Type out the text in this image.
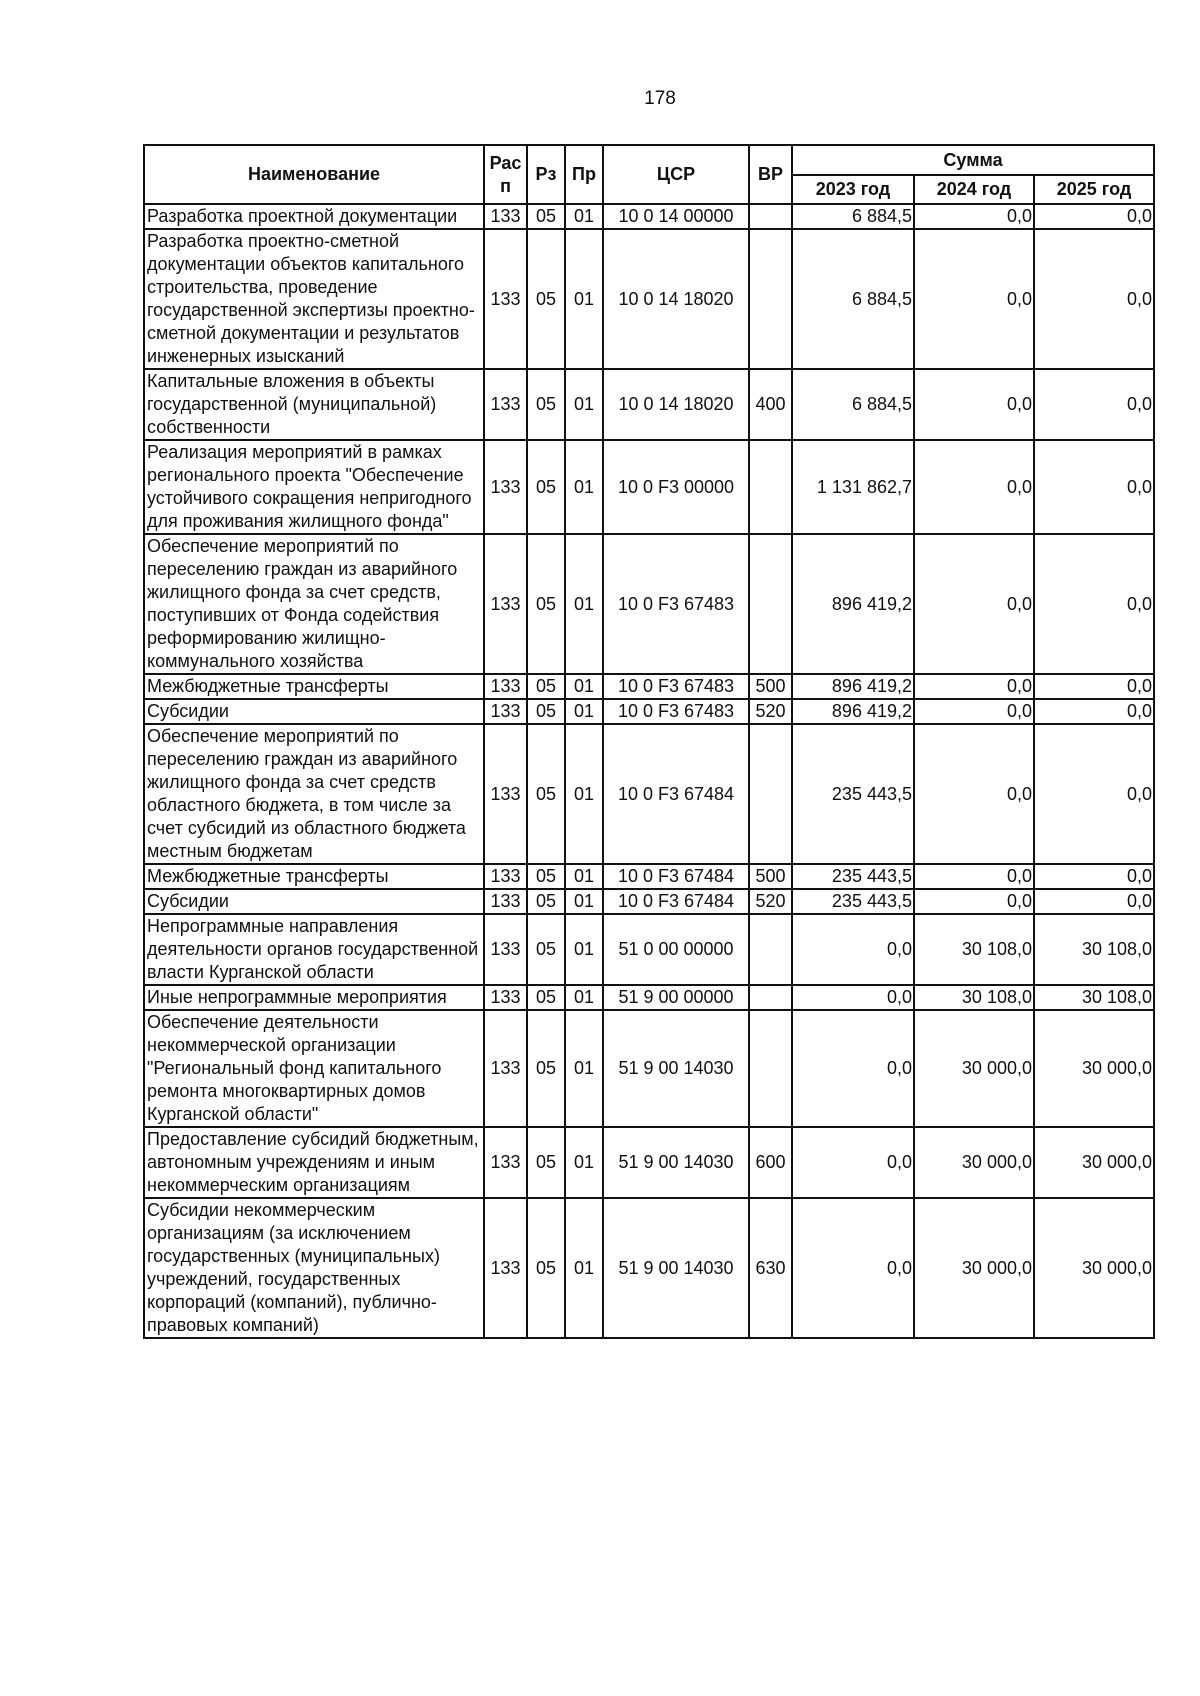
178
Наименование	Рас п	Рз	Пр	ЦСР	ВР	Сумма		
						2023 год	2024 год	2025 год
Разработка проектной документации	133	05	01	10 0 14 00000		6 884,5	0,0	0,0
Разработка проектно-сметной документации объектов капитального строительства, проведение государственной экспертизы проектно-сметной документации и результатов инженерных изысканий	133	05	01	10 0 14 18020		6 884,5	0,0	0,0
Капитальные вложения в объекты государственной (муниципальной) собственности	133	05	01	10 0 14 18020	400	6 884,5	0,0	0,0
Реализация мероприятий в рамках регионального проекта "Обеспечение устойчивого сокращения непригодного для проживания жилищного фонда"	133	05	01	10 0 F3 00000		1 131 862,7	0,0	0,0
Обеспечение мероприятий по переселению граждан из аварийного жилищного фонда за счет средств, поступивших от Фонда содействия реформированию жилищно-коммунального хозяйства	133	05	01	10 0 F3 67483		896 419,2	0,0	0,0
Межбюджетные трансферты	133	05	01	10 0 F3 67483	500	896 419,2	0,0	0,0
Субсидии	133	05	01	10 0 F3 67483	520	896 419,2	0,0	0,0
Обеспечение мероприятий по переселению граждан из аварийного жилищного фонда за счет средств областного бюджета, в том числе за счет субсидий из областного бюджета местным бюджетам	133	05	01	10 0 F3 67484		235 443,5	0,0	0,0
Межбюджетные трансферты	133	05	01	10 0 F3 67484	500	235 443,5	0,0	0,0
Субсидии	133	05	01	10 0 F3 67484	520	235 443,5	0,0	0,0
Непрограммные направления деятельности органов государственной власти Курганской области	133	05	01	51 0 00 00000		0,0	30 108,0	30 108,0
Иные непрограммные мероприятия	133	05	01	51 9 00 00000		0,0	30 108,0	30 108,0
Обеспечение деятельности некоммерческой организации "Региональный фонд капитального ремонта многоквартирных домов Курганской области"	133	05	01	51 9 00 14030		0,0	30 000,0	30 000,0
Предоставление субсидий бюджетным, автономным учреждениям и иным некоммерческим организациям	133	05	01	51 9 00 14030	600	0,0	30 000,0	30 000,0
Субсидии некоммерческим организациям (за исключением государственных (муниципальных) учреждений, государственных корпораций (компаний), публично-правовых компаний)	133	05	01	51 9 00 14030	630	0,0	30 000,0	30 000,0
